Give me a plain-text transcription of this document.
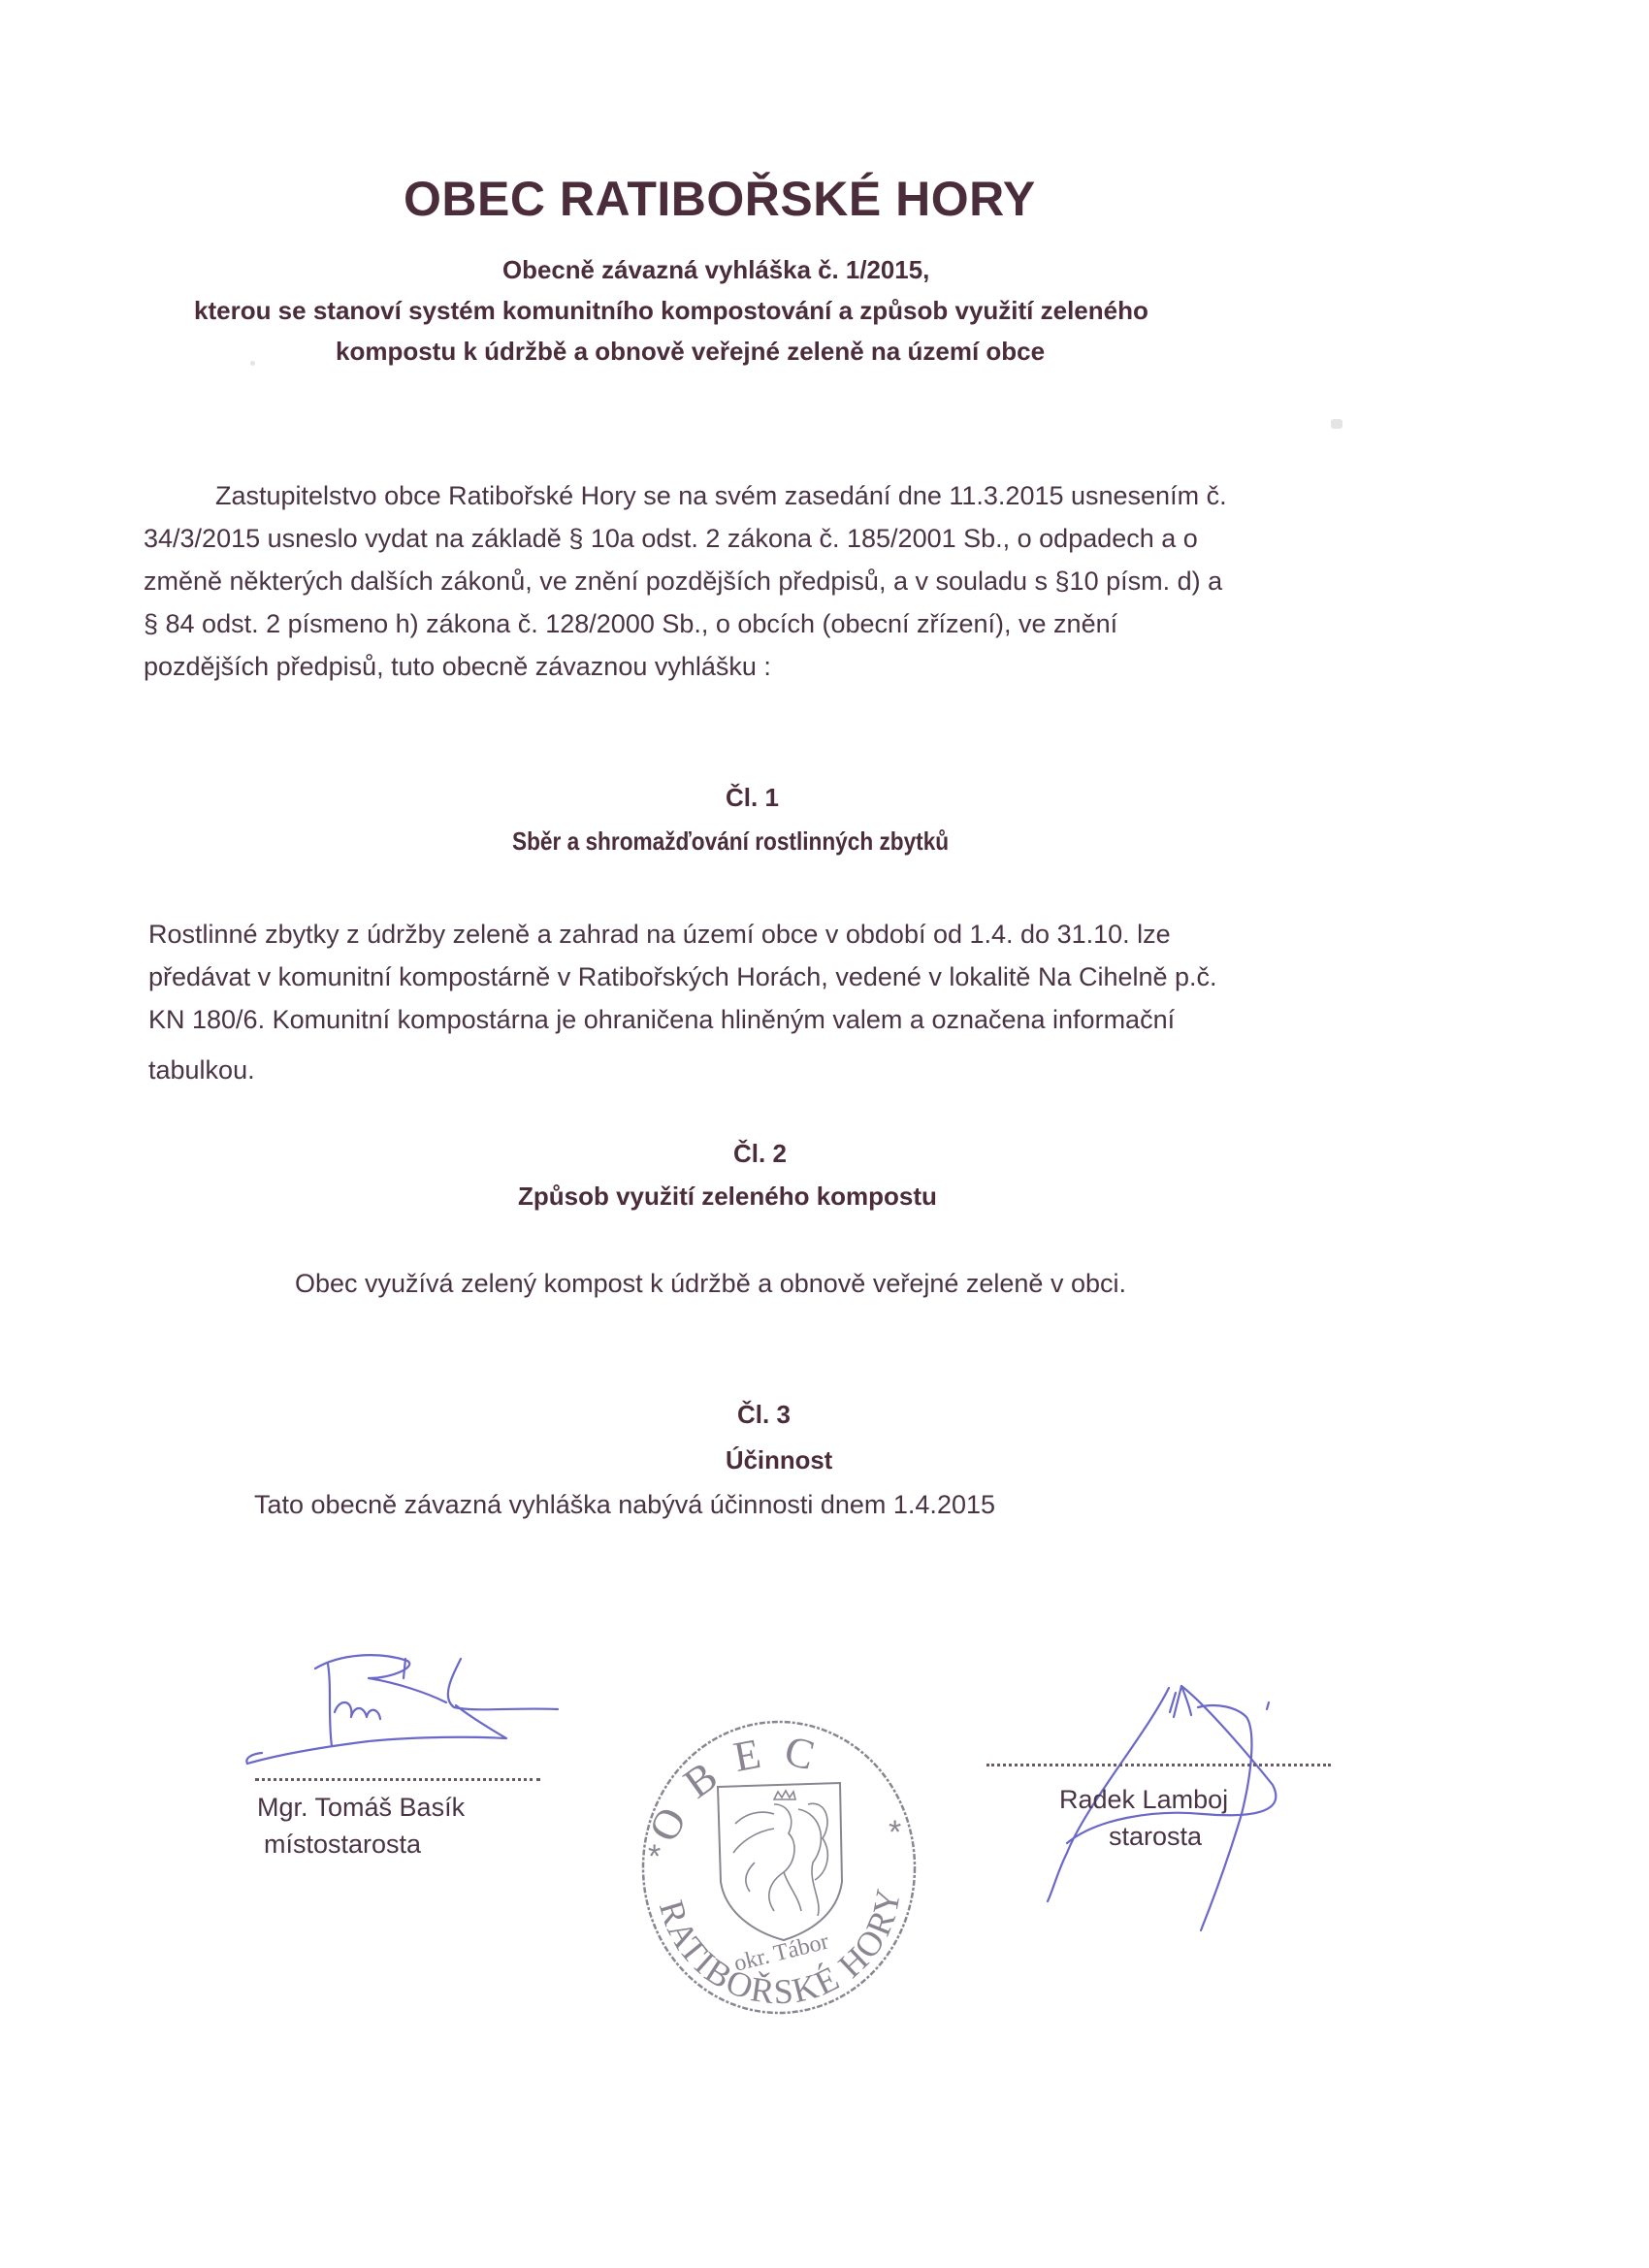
OBEC RATIBOŘSKÉ HORY
Obecně závazná vyhláška č. 1/2015,
kterou se stanoví systém komunitního kompostování a způsob využití zeleného
kompostu k údržbě a obnově veřejné zeleně na území obce
Zastupitelstvo obce Ratibořské Hory se na svém zasedání dne 11.3.2015 usnesením č.
34/3/2015 usneslo vydat na základě § 10a odst. 2 zákona č. 185/2001 Sb., o odpadech a o
změně některých dalších zákonů, ve znění pozdějších předpisů, a v souladu s §10 písm. d) a
§ 84 odst. 2 písmeno h) zákona č. 128/2000 Sb., o obcích (obecní zřízení), ve znění
pozdějších předpisů, tuto obecně závaznou vyhlášku :
Čl. 1
Sběr a shromažďování rostlinných zbytků
Rostlinné zbytky z údržby zeleně a zahrad na území obce v období od 1.4. do 31.10. lze
předávat v komunitní kompostárně v Ratibořských Horách, vedené v lokalitě Na Cihelně p.č.
KN 180/6. Komunitní kompostárna je ohraničena hliněným valem a označena informační
tabulkou.
Čl. 2
Způsob využití zeleného kompostu
Obec využívá zelený kompost k údržbě a obnově veřejné zeleně v obci.
Čl. 3
Účinnost
Tato obecně závazná vyhláška nabývá účinnosti dnem 1.4.2015
Mgr. Tomáš Basík
místostarosta	OBEC
RATIBOŘSKÉ HORY
*
*
okr. Tábor
Radek Lamboj
starosta
